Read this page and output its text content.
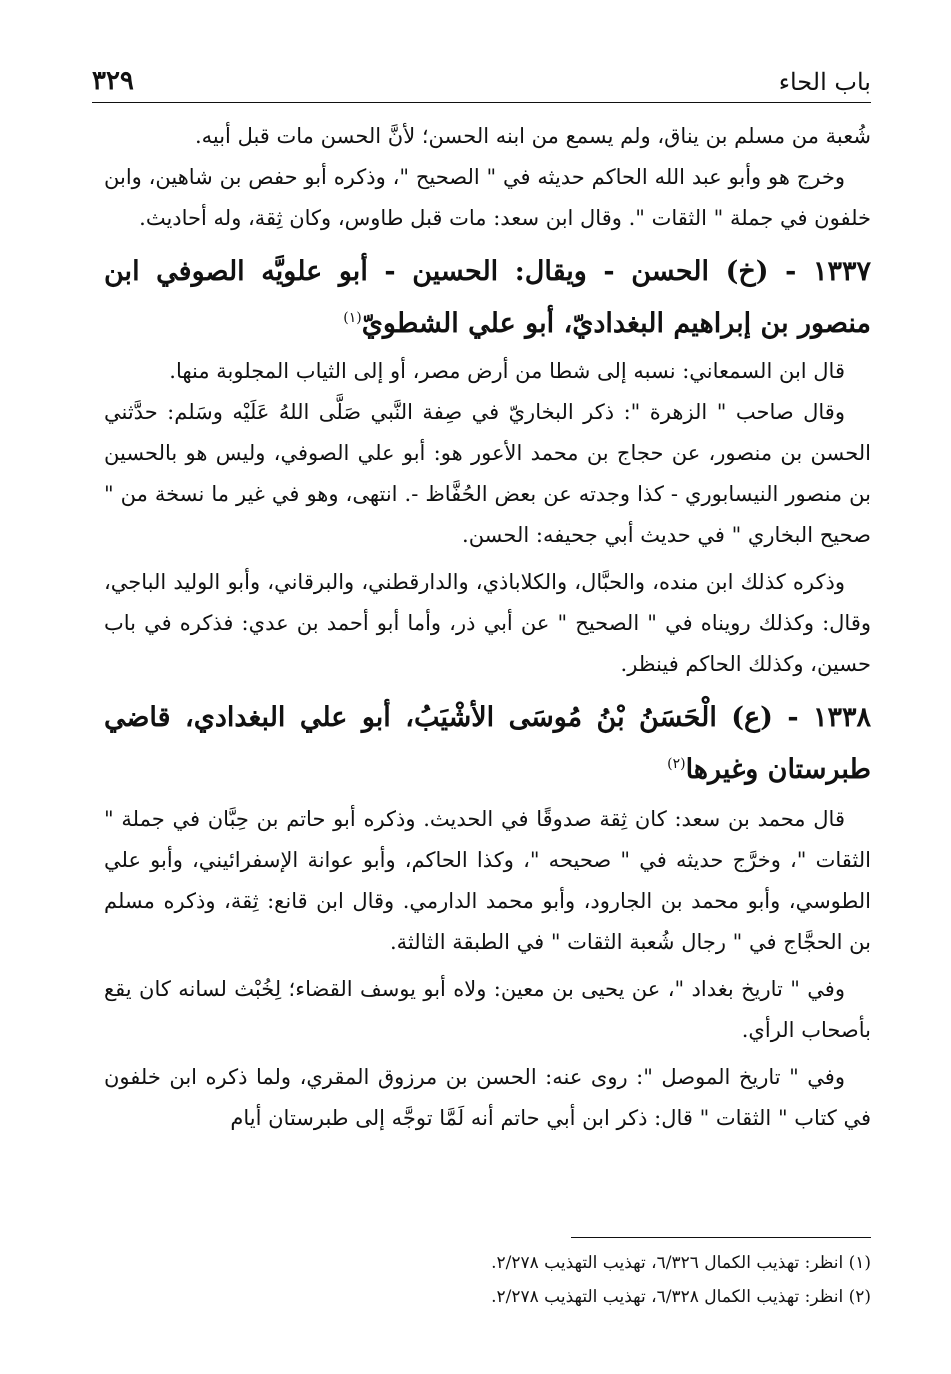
باب الحاء
٣٢٩

شُعبة من مسلم بن يناق، ولم يسمع من ابنه الحسن؛ لأنَّ الحسن مات قبل أبيه.

وخرج هو وأبو عبد الله الحاكم حديثه في " الصحيح "، وذكره أبو حفص بن شاهين، وابن خلفون في جملة " الثقات ". وقال ابن سعد: مات قبل طاوس، وكان ثِقة، وله أحاديث.

١٣٣٧ - (خ) الحسن - ويقال: الحسين - أبو علويَّه الصوفي ابن منصور بن إبراهيم البغداديّ، أبو علي الشطويّ$^{(١)}$

قال ابن السمعاني: نسبه إلى شطا من أرض مصر، أو إلى الثياب المجلوبة منها.

وقال صاحب " الزهرة ": ذكر البخاريّ في صِفة النَّبي صَلَّى اللهُ عَلَيْه وسَلم: حدَّثني الحسن بن منصور، عن حجاج بن محمد الأعور هو: أبو علي الصوفي، وليس هو بالحسين بن منصور النيسابوري - كذا وجدته عن بعض الحُفَّاظ -. انتهى، وهو في غير ما نسخة من " صحيح البخاري " في حديث أبي جحيفه: الحسن.

وذكره كذلك ابن منده، والحبَّال، والكلاباذي، والدارقطني، والبرقاني، وأبو الوليد الباجي، وقال: وكذلك رويناه في " الصحيح " عن أبي ذر، وأما أبو أحمد بن عدي: فذكره في باب حسين، وكذلك الحاكم فينظر.

١٣٣٨ - (ع) الْحَسَنُ بْنُ مُوسَى الأشْيَبُ، أبو علي البغدادي، قاضي طبرستان وغيرها$^{(٢)}$

قال محمد بن سعد: كان ثِقة صدوقًا في الحديث. وذكره أبو حاتم بن حِبَّان في جملة " الثقات "، وخرَّج حديثه في " صحيحه "، وكذا الحاكم، وأبو عوانة الإسفرائيني، وأبو علي الطوسي، وأبو محمد بن الجارود، وأبو محمد الدارمي. وقال ابن قانع: ثِقة، وذكره مسلم بن الحجَّاج في " رجال شُعبة الثقات " في الطبقة الثالثة.

وفي " تاريخ بغداد "، عن يحيى بن معين: ولاه أبو يوسف القضاء؛ لِخُبْث لسانه كان يقع بأصحاب الرأي.

وفي " تاريخ الموصل ": روى عنه: الحسن بن مرزوق المقري، ولما ذكره ابن خلفون في كتاب " الثقات " قال: ذكر ابن أبي حاتم أنه لَمَّا توجَّه إلى طبرستان أيام

(١) انظر: تهذيب الكمال ٦/٣٢٦، تهذيب التهذيب ٢/٢٧٨.
(٢) انظر: تهذيب الكمال ٦/٣٢٨، تهذيب التهذيب ٢/٢٧٨.
